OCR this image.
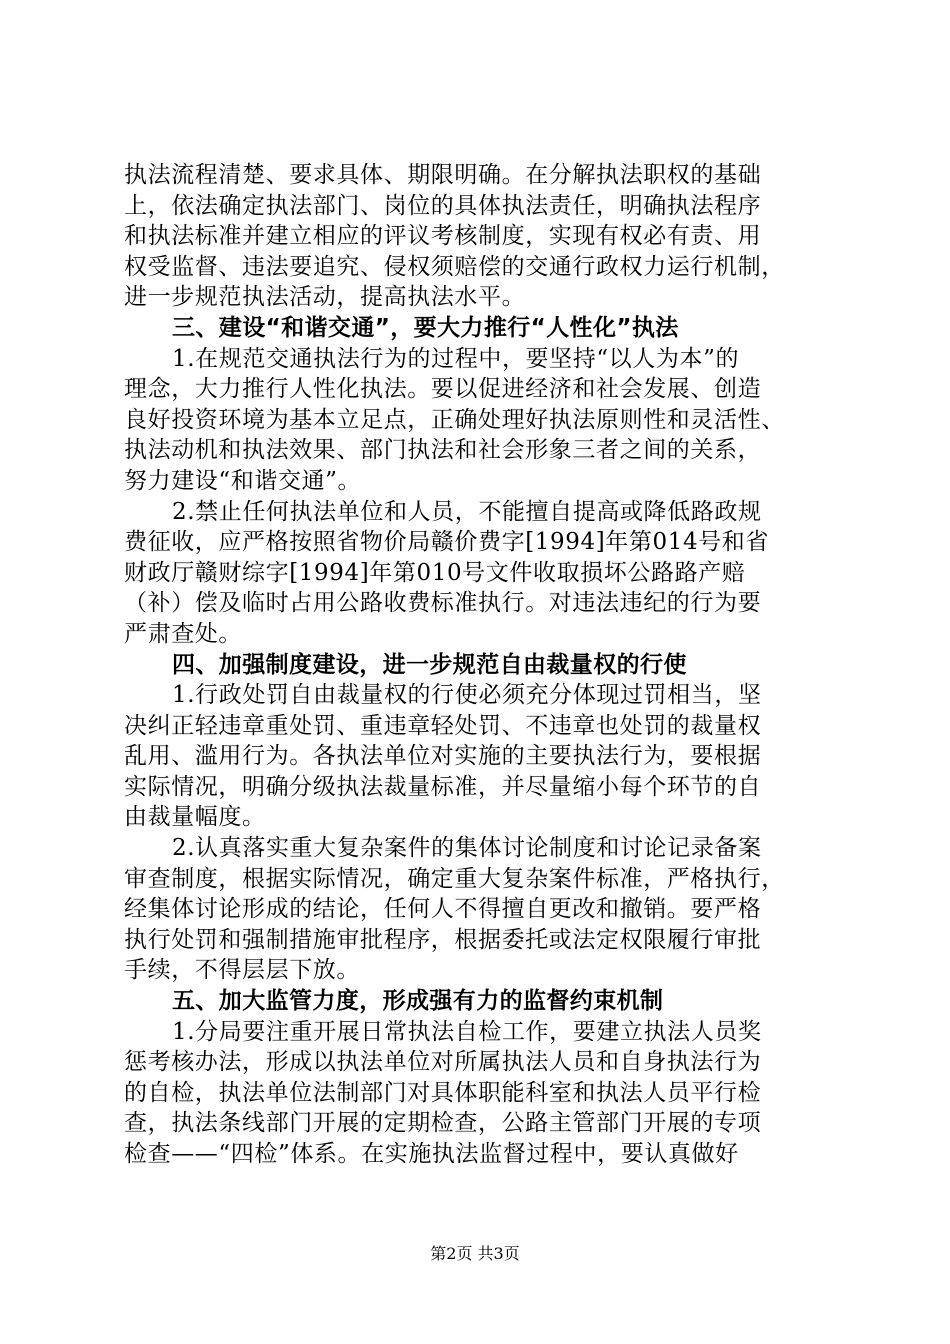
执法流程清楚、要求具体、期限明确。在分解执法职权的基础
上，依法确定执法部门、岗位的具体执法责任，明确执法程序
和执法标准并建立相应的评议考核制度，实现有权必有责、用
权受监督、违法要追究、侵权须赔偿的交通行政权力运行机制，
进一步规范执法活动，提高执法水平。
三、建设“和谐交通”，要大力推行“人性化”执法
1.在规范交通执法行为的过程中，要坚持“以人为本”的
理念，大力推行人性化执法。要以促进经济和社会发展、创造
良好投资环境为基本立足点，正确处理好执法原则性和灵活性、
执法动机和执法效果、部门执法和社会形象三者之间的关系，
努力建设“和谐交通”。
2.禁止任何执法单位和人员，不能擅自提高或降低路政规
费征收，应严格按照省物价局赣价费字[1994]年第014号和省
财政厅赣财综字[1994]年第010号文件收取损坏公路路产赔
（补）偿及临时占用公路收费标准执行。对违法违纪的行为要
严肃查处。
四、加强制度建设，进一步规范自由裁量权的行使
1.行政处罚自由裁量权的行使必须充分体现过罚相当，坚
决纠正轻违章重处罚、重违章轻处罚、不违章也处罚的裁量权
乱用、滥用行为。各执法单位对实施的主要执法行为，要根据
实际情况，明确分级执法裁量标准，并尽量缩小每个环节的自
由裁量幅度。
2.认真落实重大复杂案件的集体讨论制度和讨论记录备案
审查制度，根据实际情况，确定重大复杂案件标准，严格执行，
经集体讨论形成的结论，任何人不得擅自更改和撤销。要严格
执行处罚和强制措施审批程序，根据委托或法定权限履行审批
手续，不得层层下放。
五、加大监管力度，形成强有力的监督约束机制
1.分局要注重开展日常执法自检工作，要建立执法人员奖
惩考核办法，形成以执法单位对所属执法人员和自身执法行为
的自检，执法单位法制部门对具体职能科室和执法人员平行检
查，执法条线部门开展的定期检查，公路主管部门开展的专项
检查——“四检”体系。在实施执法监督过程中，要认真做好
第2页 共3页
